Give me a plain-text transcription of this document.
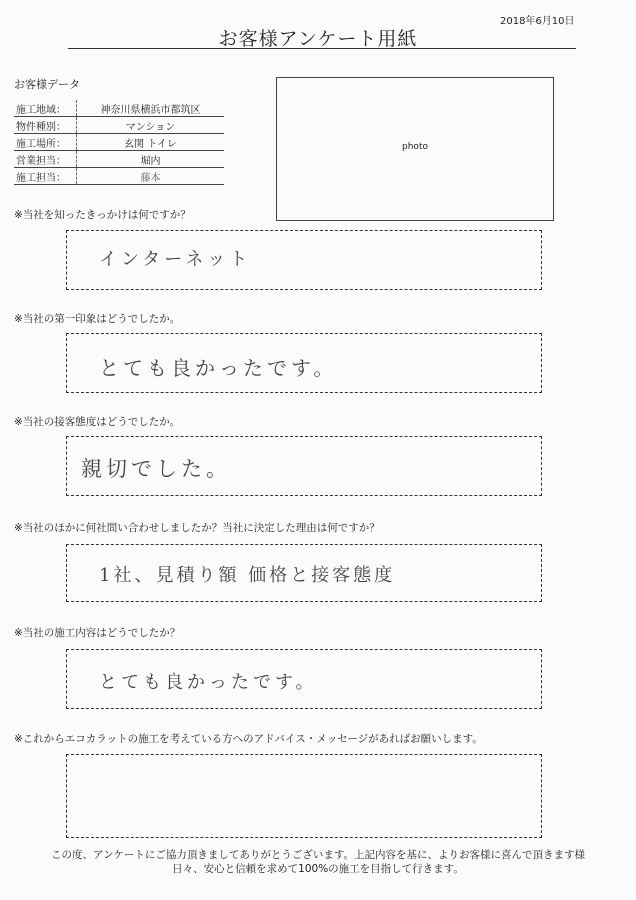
2018年6月10日
お客様アンケート用紙
お客様データ
施工地域：	神奈川県横浜市都筑区
物件種別：	マンション
施工場所：	玄関 トイレ
営業担当：	堀内
施工担当：	藤本
photo
※当社を知ったきっかけは何ですか？
インターネット
※当社の第一印象はどうでしたか。
とても良かったです。
※当社の接客態度はどうでしたか。
親切でした。
※当社のほかに何社問い合わせしましたか？当社に決定した理由は何ですか？
1社、見積り額 価格と接客態度
※当社の施工内容はどうでしたか？
とても良かったです。
※これからエコカラットの施工を考えている方へのアドバイス・メッセージがあればお願いします。
この度、アンケートにご協力頂きましてありがとうございます。上記内容を基に、よりお客様に喜んで頂きます様
日々、安心と信頼を求めて100%の施工を目指して行きます。
